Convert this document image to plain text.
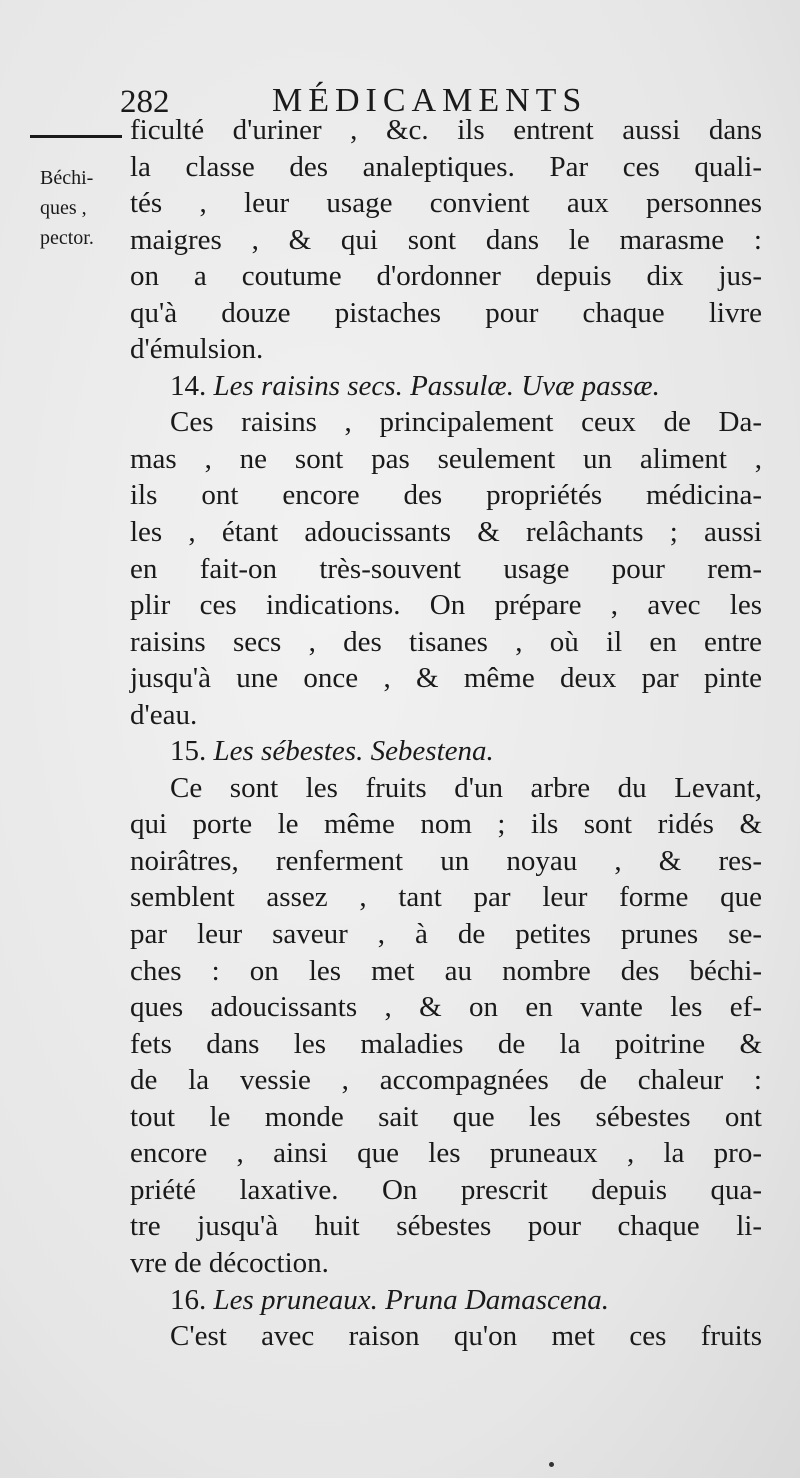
282	MÉDICAMENTS
Béchi-
ques ,
pector.
ficulté d'uriner , &c. ils entrent aussi dans
la classe des analeptiques. Par ces quali-
tés , leur usage convient aux personnes
maigres , & qui sont dans le marasme :
on a coutume d'ordonner depuis dix jus-
qu'à douze pistaches pour chaque livre
d'émulsion.
14. Les raisins secs. Passulæ. Uvæ passæ.
Ces raisins , principalement ceux de Da-
mas , ne sont pas seulement un aliment ,
ils ont encore des propriétés médicina-
les , étant adoucissants & relâchants ; aussi
en fait-on très-souvent usage pour rem-
plir ces indications. On prépare , avec les
raisins secs , des tisanes , où il en entre
jusqu'à une once , & même deux par pinte
d'eau.
15. Les sébestes. Sebestena.
Ce sont les fruits d'un arbre du Levant,
qui porte le même nom ; ils sont ridés &
noirâtres, renferment un noyau , & res-
semblent assez , tant par leur forme que
par leur saveur , à de petites prunes se-
ches : on les met au nombre des béchi-
ques adoucissants , & on en vante les ef-
fets dans les maladies de la poitrine &
de la vessie , accompagnées de chaleur :
tout le monde sait que les sébestes ont
encore , ainsi que les pruneaux , la pro-
priété laxative. On prescrit depuis qua-
tre jusqu'à huit sébestes pour chaque li-
vre de décoction.
16. Les pruneaux. Pruna Damascena.
C'est avec raison qu'on met ces fruits
